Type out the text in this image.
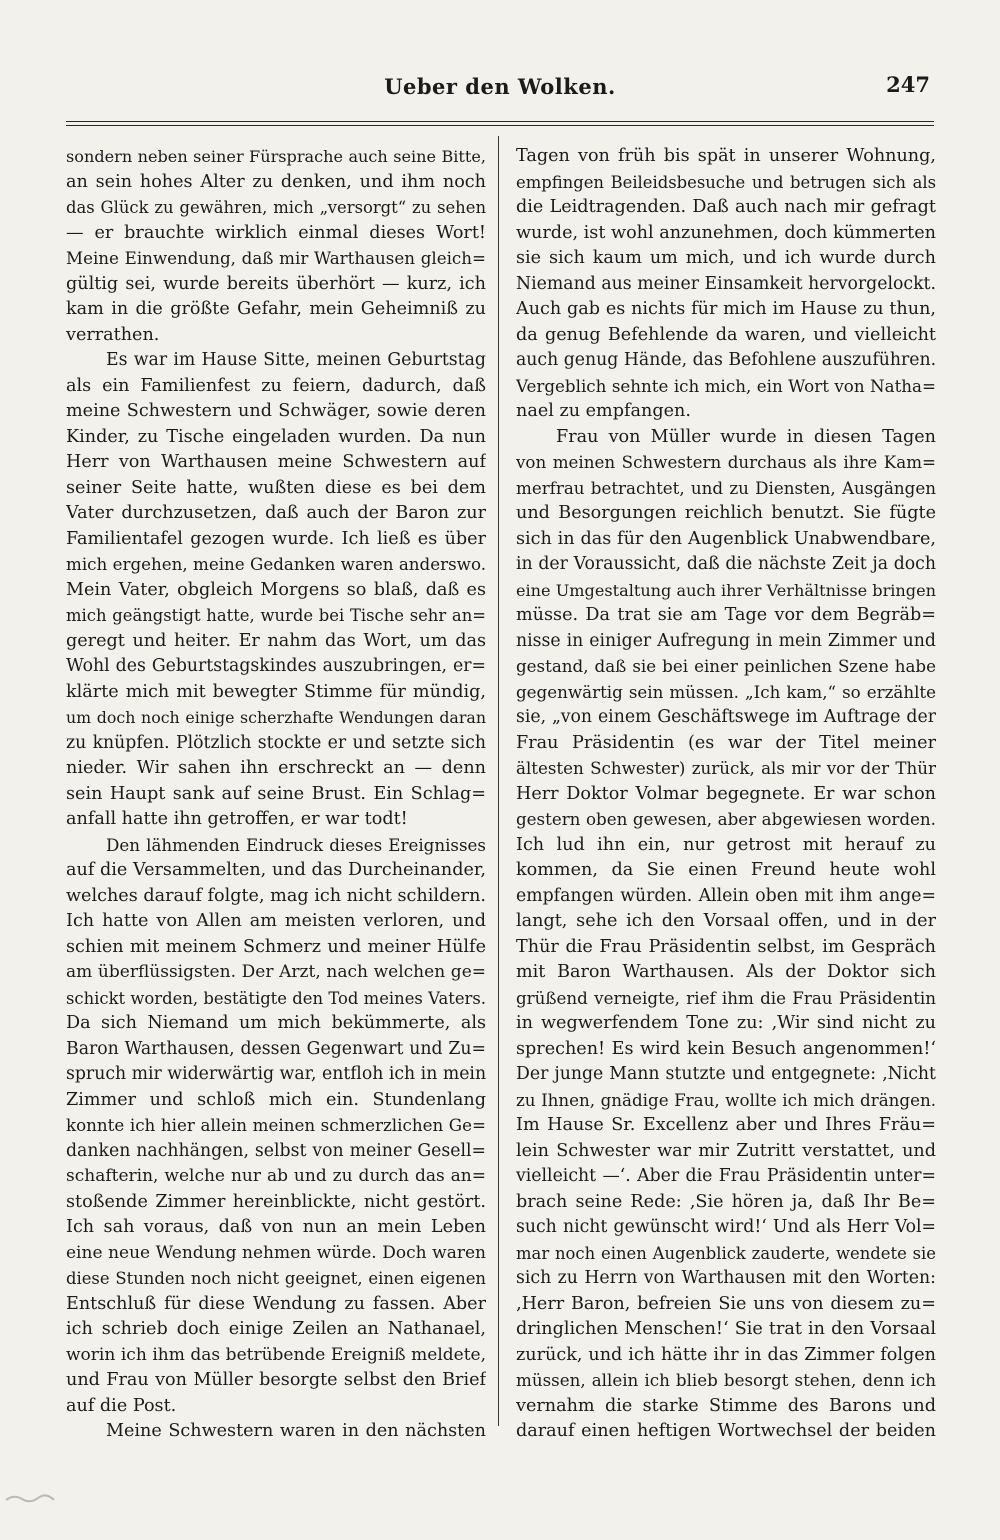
Ueber den Wolken.	247
sondern neben seiner Fürsprache auch seine Bitte,
an sein hohes Alter zu denken, und ihm noch
das Glück zu gewähren, mich „versorgt“ zu sehen
— er brauchte wirklich einmal dieses Wort!
Meine Einwendung, daß mir Warthausen gleich=
gültig sei, wurde bereits überhört — kurz, ich
kam in die größte Gefahr, mein Geheimniß zu
verrathen.
Es war im Hause Sitte, meinen Geburtstag
als ein Familienfest zu feiern, dadurch, daß
meine Schwestern und Schwäger, sowie deren
Kinder, zu Tische eingeladen wurden. Da nun
Herr von Warthausen meine Schwestern auf
seiner Seite hatte, wußten diese es bei dem
Vater durchzusetzen, daß auch der Baron zur
Familientafel gezogen wurde. Ich ließ es über
mich ergehen, meine Gedanken waren anderswo.
Mein Vater, obgleich Morgens so blaß, daß es
mich geängstigt hatte, wurde bei Tische sehr an=
geregt und heiter. Er nahm das Wort, um das
Wohl des Geburtstagskindes auszubringen, er=
klärte mich mit bewegter Stimme für mündig,
um doch noch einige scherzhafte Wendungen daran
zu knüpfen. Plötzlich stockte er und setzte sich
nieder. Wir sahen ihn erschreckt an — denn
sein Haupt sank auf seine Brust. Ein Schlag=
anfall hatte ihn getroffen, er war todt!
Den lähmenden Eindruck dieses Ereignisses
auf die Versammelten, und das Durcheinander,
welches darauf folgte, mag ich nicht schildern.
Ich hatte von Allen am meisten verloren, und
schien mit meinem Schmerz und meiner Hülfe
am überflüssigsten. Der Arzt, nach welchen ge=
schickt worden, bestätigte den Tod meines Vaters.
Da sich Niemand um mich bekümmerte, als
Baron Warthausen, dessen Gegenwart und Zu=
spruch mir widerwärtig war, entfloh ich in mein
Zimmer und schloß mich ein. Stundenlang
konnte ich hier allein meinen schmerzlichen Ge=
danken nachhängen, selbst von meiner Gesell=
schafterin, welche nur ab und zu durch das an=
stoßende Zimmer hereinblickte, nicht gestört.
Ich sah voraus, daß von nun an mein Leben
eine neue Wendung nehmen würde. Doch waren
diese Stunden noch nicht geeignet, einen eigenen
Entschluß für diese Wendung zu fassen. Aber
ich schrieb doch einige Zeilen an Nathanael,
worin ich ihm das betrübende Ereigniß meldete,
und Frau von Müller besorgte selbst den Brief
auf die Post.
Meine Schwestern waren in den nächsten
Tagen von früh bis spät in unserer Wohnung,
empfingen Beileidsbesuche und betrugen sich als
die Leidtragenden. Daß auch nach mir gefragt
wurde, ist wohl anzunehmen, doch kümmerten
sie sich kaum um mich, und ich wurde durch
Niemand aus meiner Einsamkeit hervorgelockt.
Auch gab es nichts für mich im Hause zu thun,
da genug Befehlende da waren, und vielleicht
auch genug Hände, das Befohlene auszuführen.
Vergeblich sehnte ich mich, ein Wort von Natha=
nael zu empfangen.
Frau von Müller wurde in diesen Tagen
von meinen Schwestern durchaus als ihre Kam=
merfrau betrachtet, und zu Diensten, Ausgängen
und Besorgungen reichlich benutzt. Sie fügte
sich in das für den Augenblick Unabwendbare,
in der Voraussicht, daß die nächste Zeit ja doch
eine Umgestaltung auch ihrer Verhältnisse bringen
müsse. Da trat sie am Tage vor dem Begräb=
nisse in einiger Aufregung in mein Zimmer und
gestand, daß sie bei einer peinlichen Szene habe
gegenwärtig sein müssen. „Ich kam,“ so erzählte
sie, „von einem Geschäftswege im Auftrage der
Frau Präsidentin (es war der Titel meiner
ältesten Schwester) zurück, als mir vor der Thür
Herr Doktor Volmar begegnete. Er war schon
gestern oben gewesen, aber abgewiesen worden.
Ich lud ihn ein, nur getrost mit herauf zu
kommen, da Sie einen Freund heute wohl
empfangen würden. Allein oben mit ihm ange=
langt, sehe ich den Vorsaal offen, und in der
Thür die Frau Präsidentin selbst, im Gespräch
mit Baron Warthausen. Als der Doktor sich
grüßend verneigte, rief ihm die Frau Präsidentin
in wegwerfendem Tone zu: ‚Wir sind nicht zu
sprechen! Es wird kein Besuch angenommen!‘
Der junge Mann stutzte und entgegnete: ‚Nicht
zu Ihnen, gnädige Frau, wollte ich mich drängen.
Im Hause Sr. Excellenz aber und Ihres Fräu=
lein Schwester war mir Zutritt verstattet, und
vielleicht —‘. Aber die Frau Präsidentin unter=
brach seine Rede: ‚Sie hören ja, daß Ihr Be=
such nicht gewünscht wird!‘ Und als Herr Vol=
mar noch einen Augenblick zauderte, wendete sie
sich zu Herrn von Warthausen mit den Worten:
‚Herr Baron, befreien Sie uns von diesem zu=
dringlichen Menschen!‘ Sie trat in den Vorsaal
zurück, und ich hätte ihr in das Zimmer folgen
müssen, allein ich blieb besorgt stehen, denn ich
vernahm die starke Stimme des Barons und
darauf einen heftigen Wortwechsel der beiden
